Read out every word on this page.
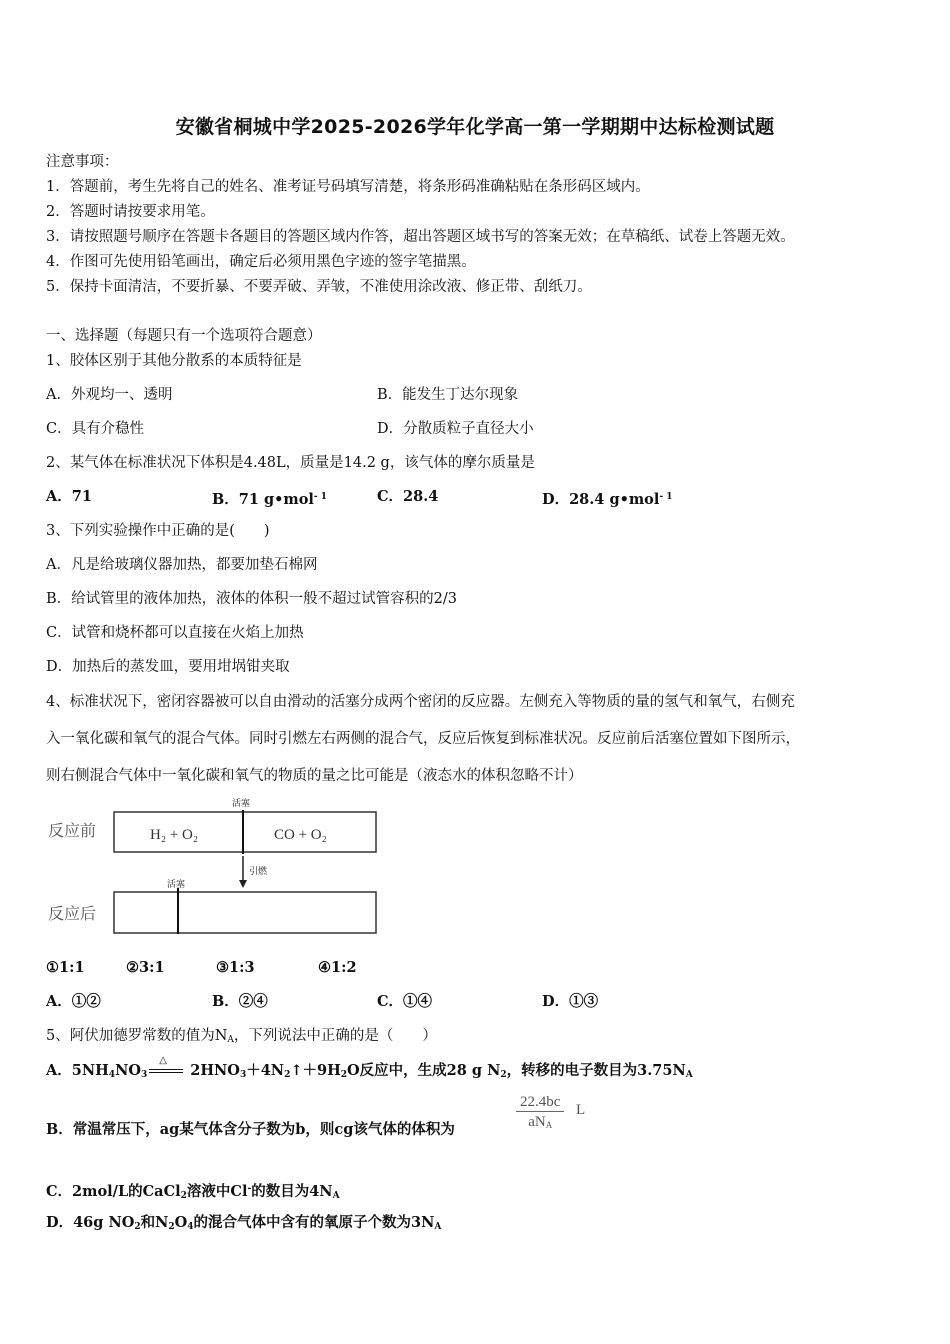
安徽省桐城中学2025-2026学年化学高一第一学期期中达标检测试题
注意事项：
1．答题前，考生先将自己的姓名、准考证号码填写清楚，将条形码准确粘贴在条形码区域内。
2．答题时请按要求用笔。
3．请按照题号顺序在答题卡各题目的答题区域内作答，超出答题区域书写的答案无效；在草稿纸、试卷上答题无效。
4．作图可先使用铅笔画出，确定后必须用黑色字迹的签字笔描黑。
5．保持卡面清洁，不要折暴、不要弄破、弄皱，不准使用涂改液、修正带、刮纸刀。
一、选择题（每题只有一个选项符合题意）
1、胶体区别于其他分散系的本质特征是
A．外观均一、透明	B．能发生丁达尔现象
C．具有介稳性	D．分散质粒子直径大小
2、某气体在标准状况下体积是4.48L，质量是14.2 g，该气体的摩尔质量是
A．71	B．71 g•mol$^{- 1}$	C．28.4	D．28.4 g•mol$^{- 1}$
3、下列实验操作中正确的是(　　)
A．凡是给玻璃仪器加热，都要加垫石棉网
B．给试管里的液体加热，液体的体积一般不超过试管容积的2/3
C．试管和烧杯都可以直接在火焰上加热
D．加热后的蒸发皿，要用坩埚钳夹取
4、标准状况下，密闭容器被可以自由滑动的活塞分成两个密闭的反应器。左侧充入等物质的量的氢气和氧气，右侧充
入一氧化碳和氧气的混合气体。同时引燃左右两侧的混合气，反应后恢复到标准状况。反应前后活塞位置如下图所示，
则右侧混合气体中一氧化碳和氧气的物质的量之比可能是（液态水的体积忽略不计）
反应前
活塞
H₂ + O₂	CO + O₂
引燃
反应后
活塞
①1:1	②3:1	③1:3	④1:2
A．①②	B．②④	C．①④	D．①③
5、阿伏加德罗常数的值为$N_A$，下列说法中正确的是（　　）
A．$5NH_4NO_3$
△
$2HNO_3+4N_2↑+9H_2O$反应中，生成28 g $N_2$，转移的电子数目为$3.75N_A$
B．常温常压下，ag某气体含分子数为b，则cg该气体的体积为
22.4bc
$aN_A$
L
C．2mol/L的CaCl$_2$溶液中Cl-的数目为$4N_A$
D．46g $NO_2$和$N_2O_4$的混合气体中含有的氧原子个数为$3N_A$
